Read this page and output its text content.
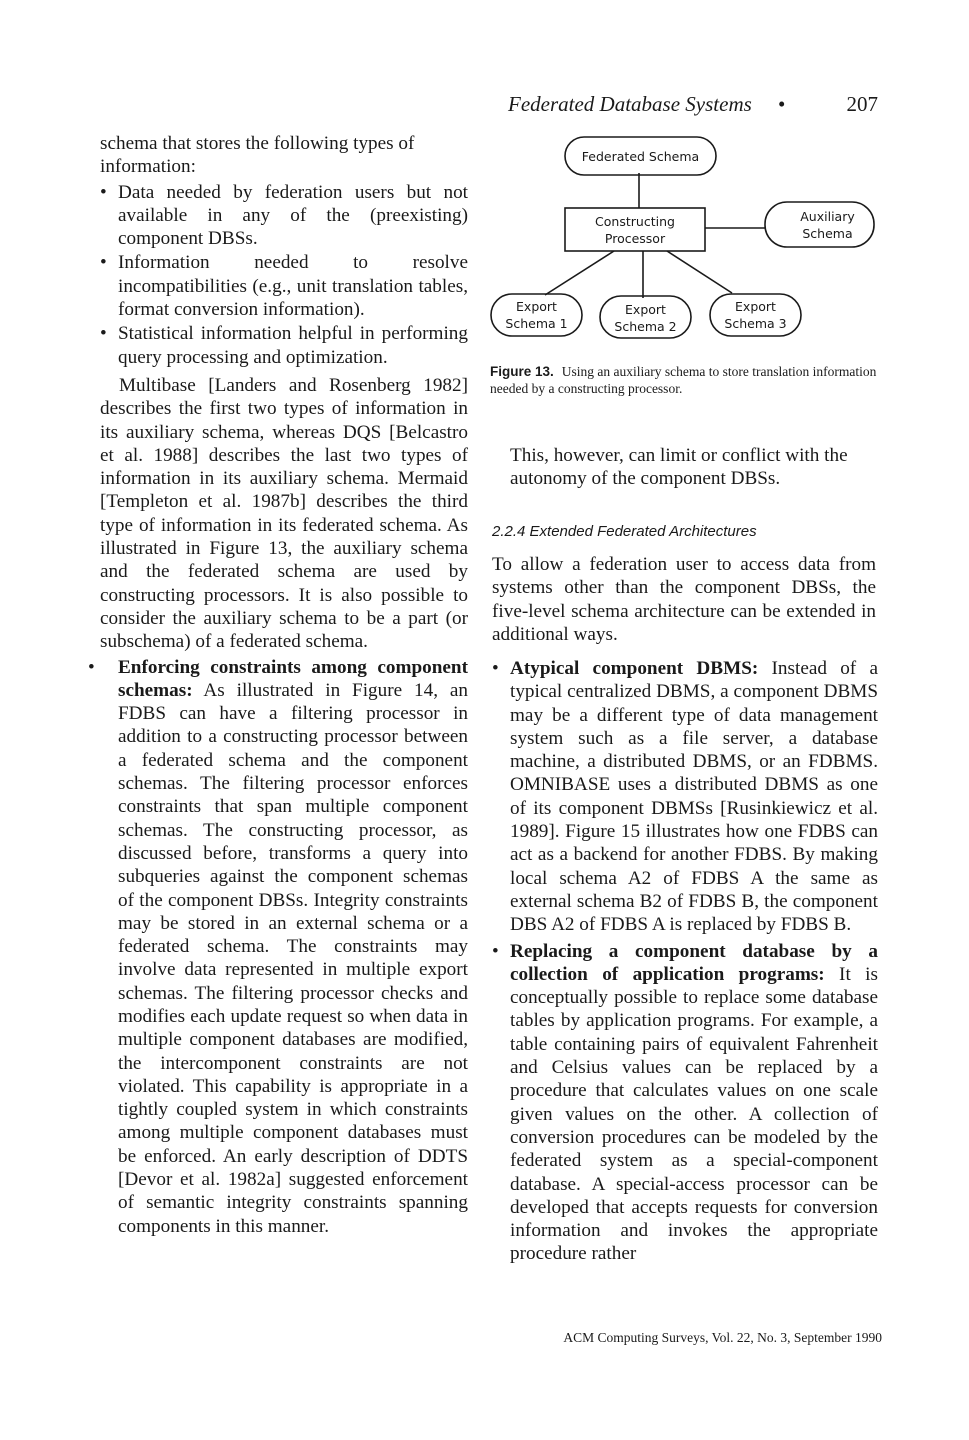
Federated Database Systems •	207

schema that stores the following types of information:

• Data needed by federation users but not available in any of the (preexisting) component DBSs.
• Information needed to resolve incompatibilities (e.g., unit translation tables, format conversion information).
• Statistical information helpful in performing query processing and optimization.

Multibase [Landers and Rosenberg 1982] describes the first two types of information in its auxiliary schema, whereas DQS [Belcastro et al. 1988] describes the last two types of information in its auxiliary schema. Mermaid [Templeton et al. 1987b] describes the third type of information in its federated schema. As illustrated in Figure 13, the auxiliary schema and the federated schema are used by constructing processors. It is also possible to consider the auxiliary schema to be a part (or subschema) of a federated schema.

• Enforcing constraints among component schemas: As illustrated in Figure 14, an FDBS can have a filtering processor in addition to a constructing processor between a federated schema and the component schemas. The filtering processor enforces constraints that span multiple component schemas. The constructing processor, as discussed before, transforms a query into subqueries against the component schemas of the component DBSs. Integrity constraints may be stored in an external schema or a federated schema. The constraints may involve data represented in multiple export schemas. The filtering processor checks and modifies each update request so when data in multiple component databases are modified, the intercomponent constraints are not violated. This capability is appropriate in a tightly coupled system in which constraints among multiple component databases must be enforced. An early description of DDTS [Devor et al. 1982a] suggested enforcement of semantic integrity constraints spanning components in this manner.
Federated Schema
Constructing
Processor
Auxiliary
Schema
Export
Schema 1
Export
Schema 2
Export
Schema 3
Figure 13. Using an auxiliary schema to store translation information needed by a constructing processor.

This, however, can limit or conflict with the autonomy of the component DBSs.

2.2.4 Extended Federated Architectures

To allow a federation user to access data from systems other than the component DBSs, the five-level schema architecture can be extended in additional ways.

• Atypical component DBMS: Instead of a typical centralized DBMS, a component DBMS may be a different type of data management system such as a file server, a database machine, a distributed DBMS, or an FDBMS. OMNIBASE uses a distributed DBMS as one of its component DBMSs [Rusinkiewicz et al. 1989]. Figure 15 illustrates how one FDBS can act as a backend for another FDBS. By making local schema A2 of FDBS A the same as external schema B2 of FDBS B, the component DBS A2 of FDBS A is replaced by FDBS B.
• Replacing a component database by a collection of application programs: It is conceptually possible to replace some database tables by application programs. For example, a table containing pairs of equivalent Fahrenheit and Celsius values can be replaced by a procedure that calculates values on one scale given values on the other. A collection of conversion procedures can be modeled by the federated system as a special-component database. A special-access processor can be developed that accepts requests for conversion information and invokes the appropriate procedure rather
ACM Computing Surveys, Vol. 22, No. 3, September 1990
